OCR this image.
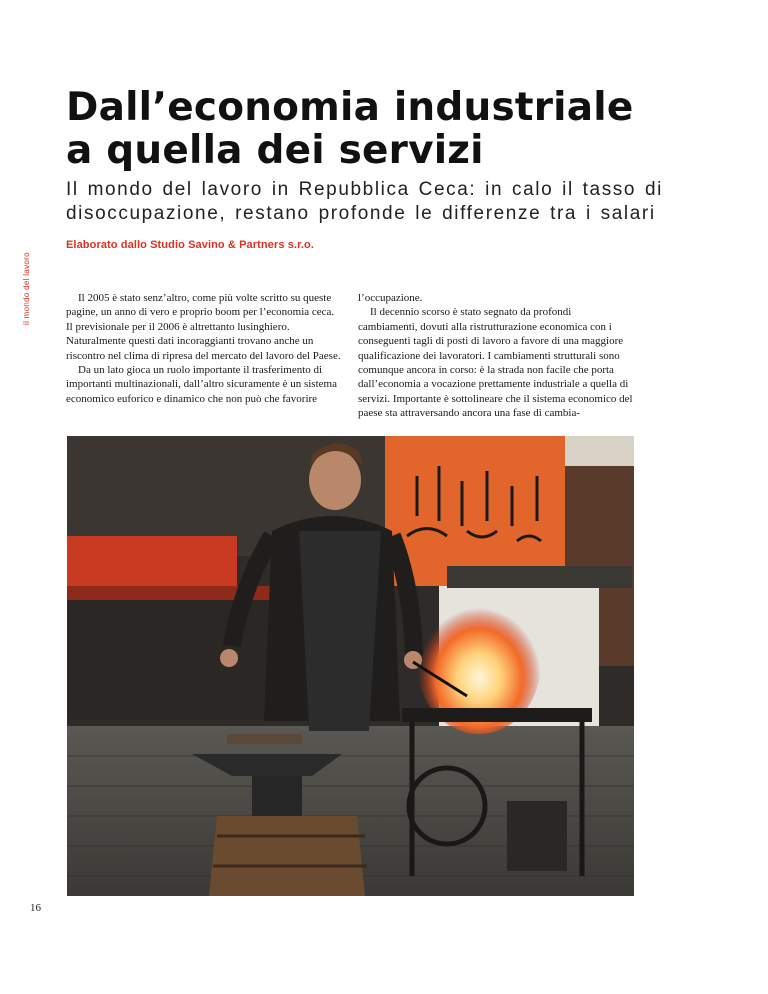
Dall’economia industriale
a quella dei servizi
Il mondo del lavoro in Repubblica Ceca: in calo il tasso di
disoccupazione, restano profonde le differenze tra i salari
Elaborato dallo Studio Savino & Partners s.r.o.
il mondo del lavoro	Il 2005 è stato senz’altro, come più volte scritto su queste pagine, un anno di vero e proprio boom per l’economia ceca. Il previsionale per il 2006 è altrettanto lusinghiero. Naturalmente questi dati incoraggianti trovano anche un riscontro nel clima di ripresa del mercato del lavoro del Paese.

Da un lato gioca un ruolo importante il trasferimento di importanti multinazionali, dall’altro sicuramente è un sistema economico euforico e dinamico che non può che favorire

l’occupazione.

Il decennio scorso è stato segnato da profondi cambiamenti, dovuti alla ristrutturazione economica con i conseguenti tagli di posti di lavoro a favore di una maggiore qualificazione dei lavoratori. I cambiamenti strutturali sono comunque ancora in corso: è la strada non facile che porta dall’economia a vocazione prettamente industriale a quella di servizi. Importante è sottolineare che il sistema economico del paese sta attraversando ancora una fase di cambia-

16
